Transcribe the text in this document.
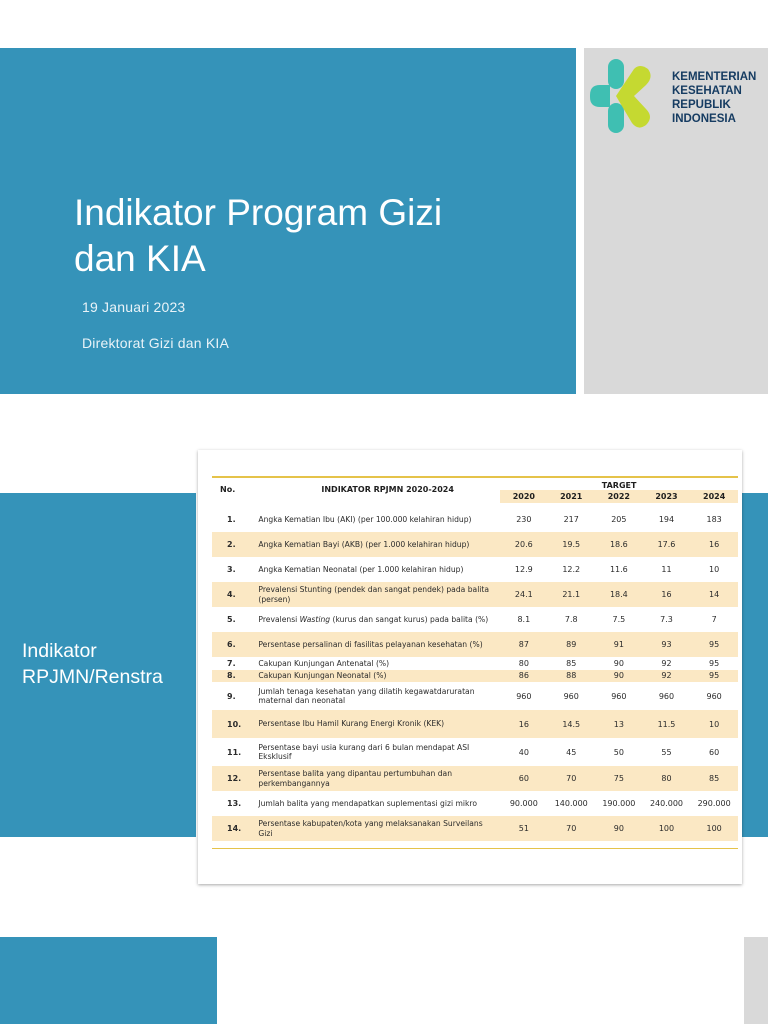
Indikator Program Gizi
dan KIA
19 Januari 2023
Direktorat Gizi dan KIA
KEMENTERIAN
KESEHATAN
REPUBLIK
INDONESIA
Indikator
RPJMN/Renstra
No.	INDIKATOR RPJMN 2020-2024	TARGET				
		2020	2021	2022	2023	2024

1.	Angka Kematian Ibu (AKI) (per 100.000 kelahiran hidup)	230	217	205	194	183
2.	Angka Kematian Bayi (AKB) (per 1.000 kelahiran hidup)	20.6	19.5	18.6	17.6	16
3.	Angka Kematian Neonatal (per 1.000 kelahiran hidup)	12.9	12.2	11.6	11	10
4.	Prevalensi Stunting (pendek dan sangat pendek) pada balita (persen)	24.1	21.1	18.4	16	14
5.	Prevalensi Wasting (kurus dan sangat kurus) pada balita (%)	8.1	7.8	7.5	7.3	7
6.	Persentase persalinan di fasilitas pelayanan kesehatan (%)	87	89	91	93	95
7.	Cakupan Kunjungan Antenatal (%)	80	85	90	92	95
8.	Cakupan Kunjungan Neonatal (%)	86	88	90	92	95
9.	Jumlah tenaga kesehatan yang dilatih kegawatdaruratan maternal dan neonatal	960	960	960	960	960
10.	Persentase Ibu Hamil Kurang Energi Kronik (KEK)	16	14.5	13	11.5	10
11.	Persentase bayi usia kurang dari 6 bulan mendapat ASI Eksklusif	40	45	50	55	60
12.	Persentase balita yang dipantau pertumbuhan dan perkembangannya	60	70	75	80	85
13.	Jumlah balita yang mendapatkan suplementasi gizi mikro	90.000	140.000	190.000	240.000	290.000
14.	Persentase kabupaten/kota yang melaksanakan Surveilans Gizi	51	70	90	100	100
